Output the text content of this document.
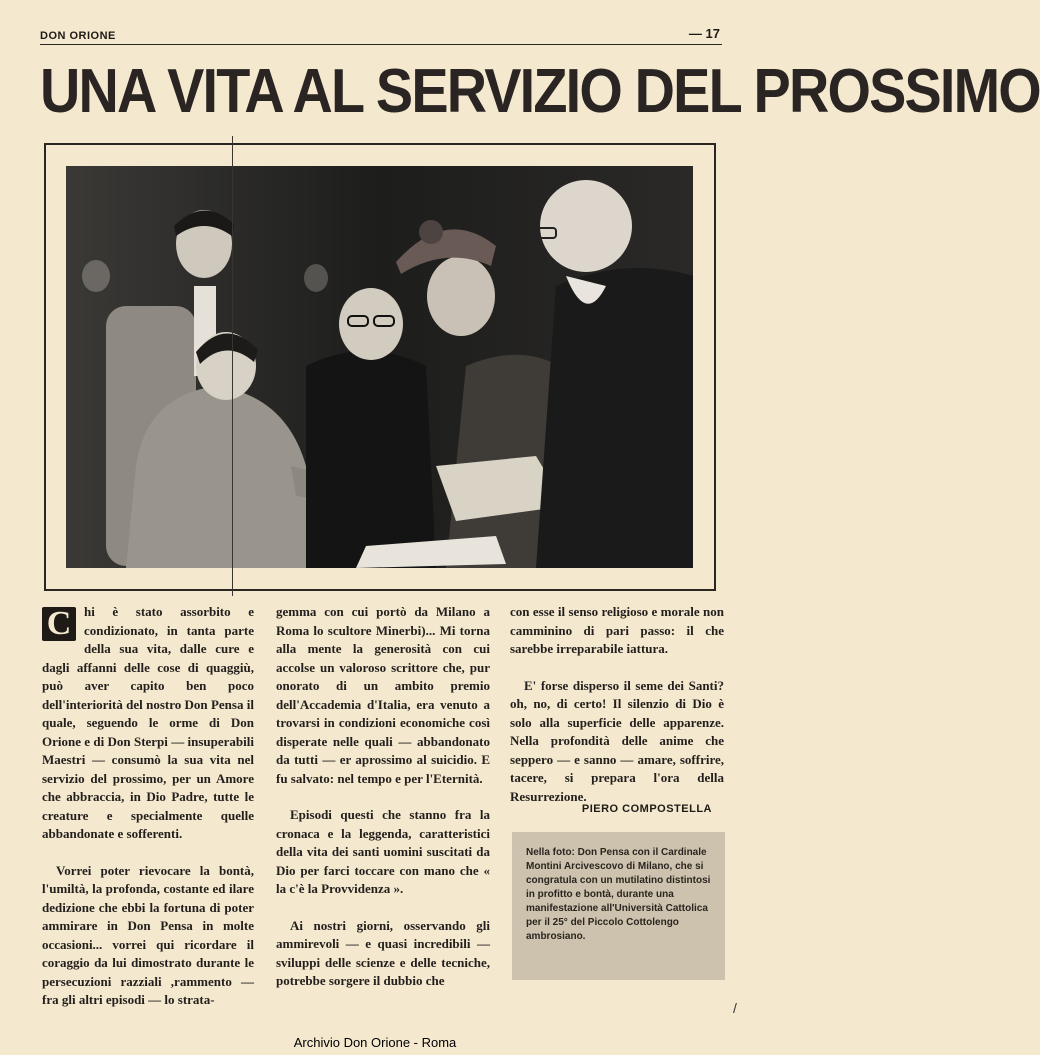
DON ORIONE	— 17
UNA VITA AL SERVIZIO DEL PROSSIMO

C hi è stato assorbito e condizionato, in tanta parte della sua vita, dalle cure e dagli affanni delle cose di quaggiù, può aver capito ben poco dell'interiorità del nostro Don Pensa il quale, seguendo le orme di Don Orione e di Don Sterpi — insuperabili Maestri — consumò la sua vita nel servizio del prossimo, per un Amore che abbraccia, in Dio Padre, tutte le creature e specialmente quelle abbandonate e sofferenti.

Vorrei poter rievocare la bontà, l'umiltà, la profonda, costante ed ilare dedizione che ebbi la fortuna di poter ammirare in Don Pensa in molte occasioni... vorrei qui ricordare il coraggio da lui dimostrato durante le persecuzioni razziali ,rammento — fra gli altri episodi — lo strata-

gemma con cui portò da Milano a Roma lo scultore Minerbi)... Mi torna alla mente la generosità con cui accolse un valoroso scrittore che, pur onorato di un ambito premio dell'Accademia d'Italia, era venuto a trovarsi in condizioni economiche così disperate nelle quali — abbandonato da tutti — er aprossimo al suicidio. E fu salvato: nel tempo e per l'Eternità.

Episodi questi che stanno fra la cronaca e la leggenda, caratteristici della vita dei santi uomini suscitati da Dio per farci toccare con mano che « la c'è la Provvidenza ».

Ai nostri giorni, osservando gli ammirevoli — e quasi incredibili — sviluppi delle scienze e delle tecniche, potrebbe sorgere il dubbio che

con esse il senso religioso e morale non camminino di pari passo: il che sarebbe irreparabile iattura.

E' forse disperso il seme dei Santi? oh, no, di certo! Il silenzio di Dio è solo alla superficie delle apparenze. Nella profondità delle anime che seppero — e sanno — amare, soffrire, tacere, si prepara l'ora della Resurrezione.

PIERO COMPOSTELLA
Nella foto: Don Pensa con il Cardinale Montini Arcivescovo di Milano, che si congratula con un mutilatino distintosi in profitto e bontà, durante una manifestazione all'Università Cattolica per il 25° del Piccolo Cottolengo ambrosiano.
/
Archivio Don Orione - Roma
